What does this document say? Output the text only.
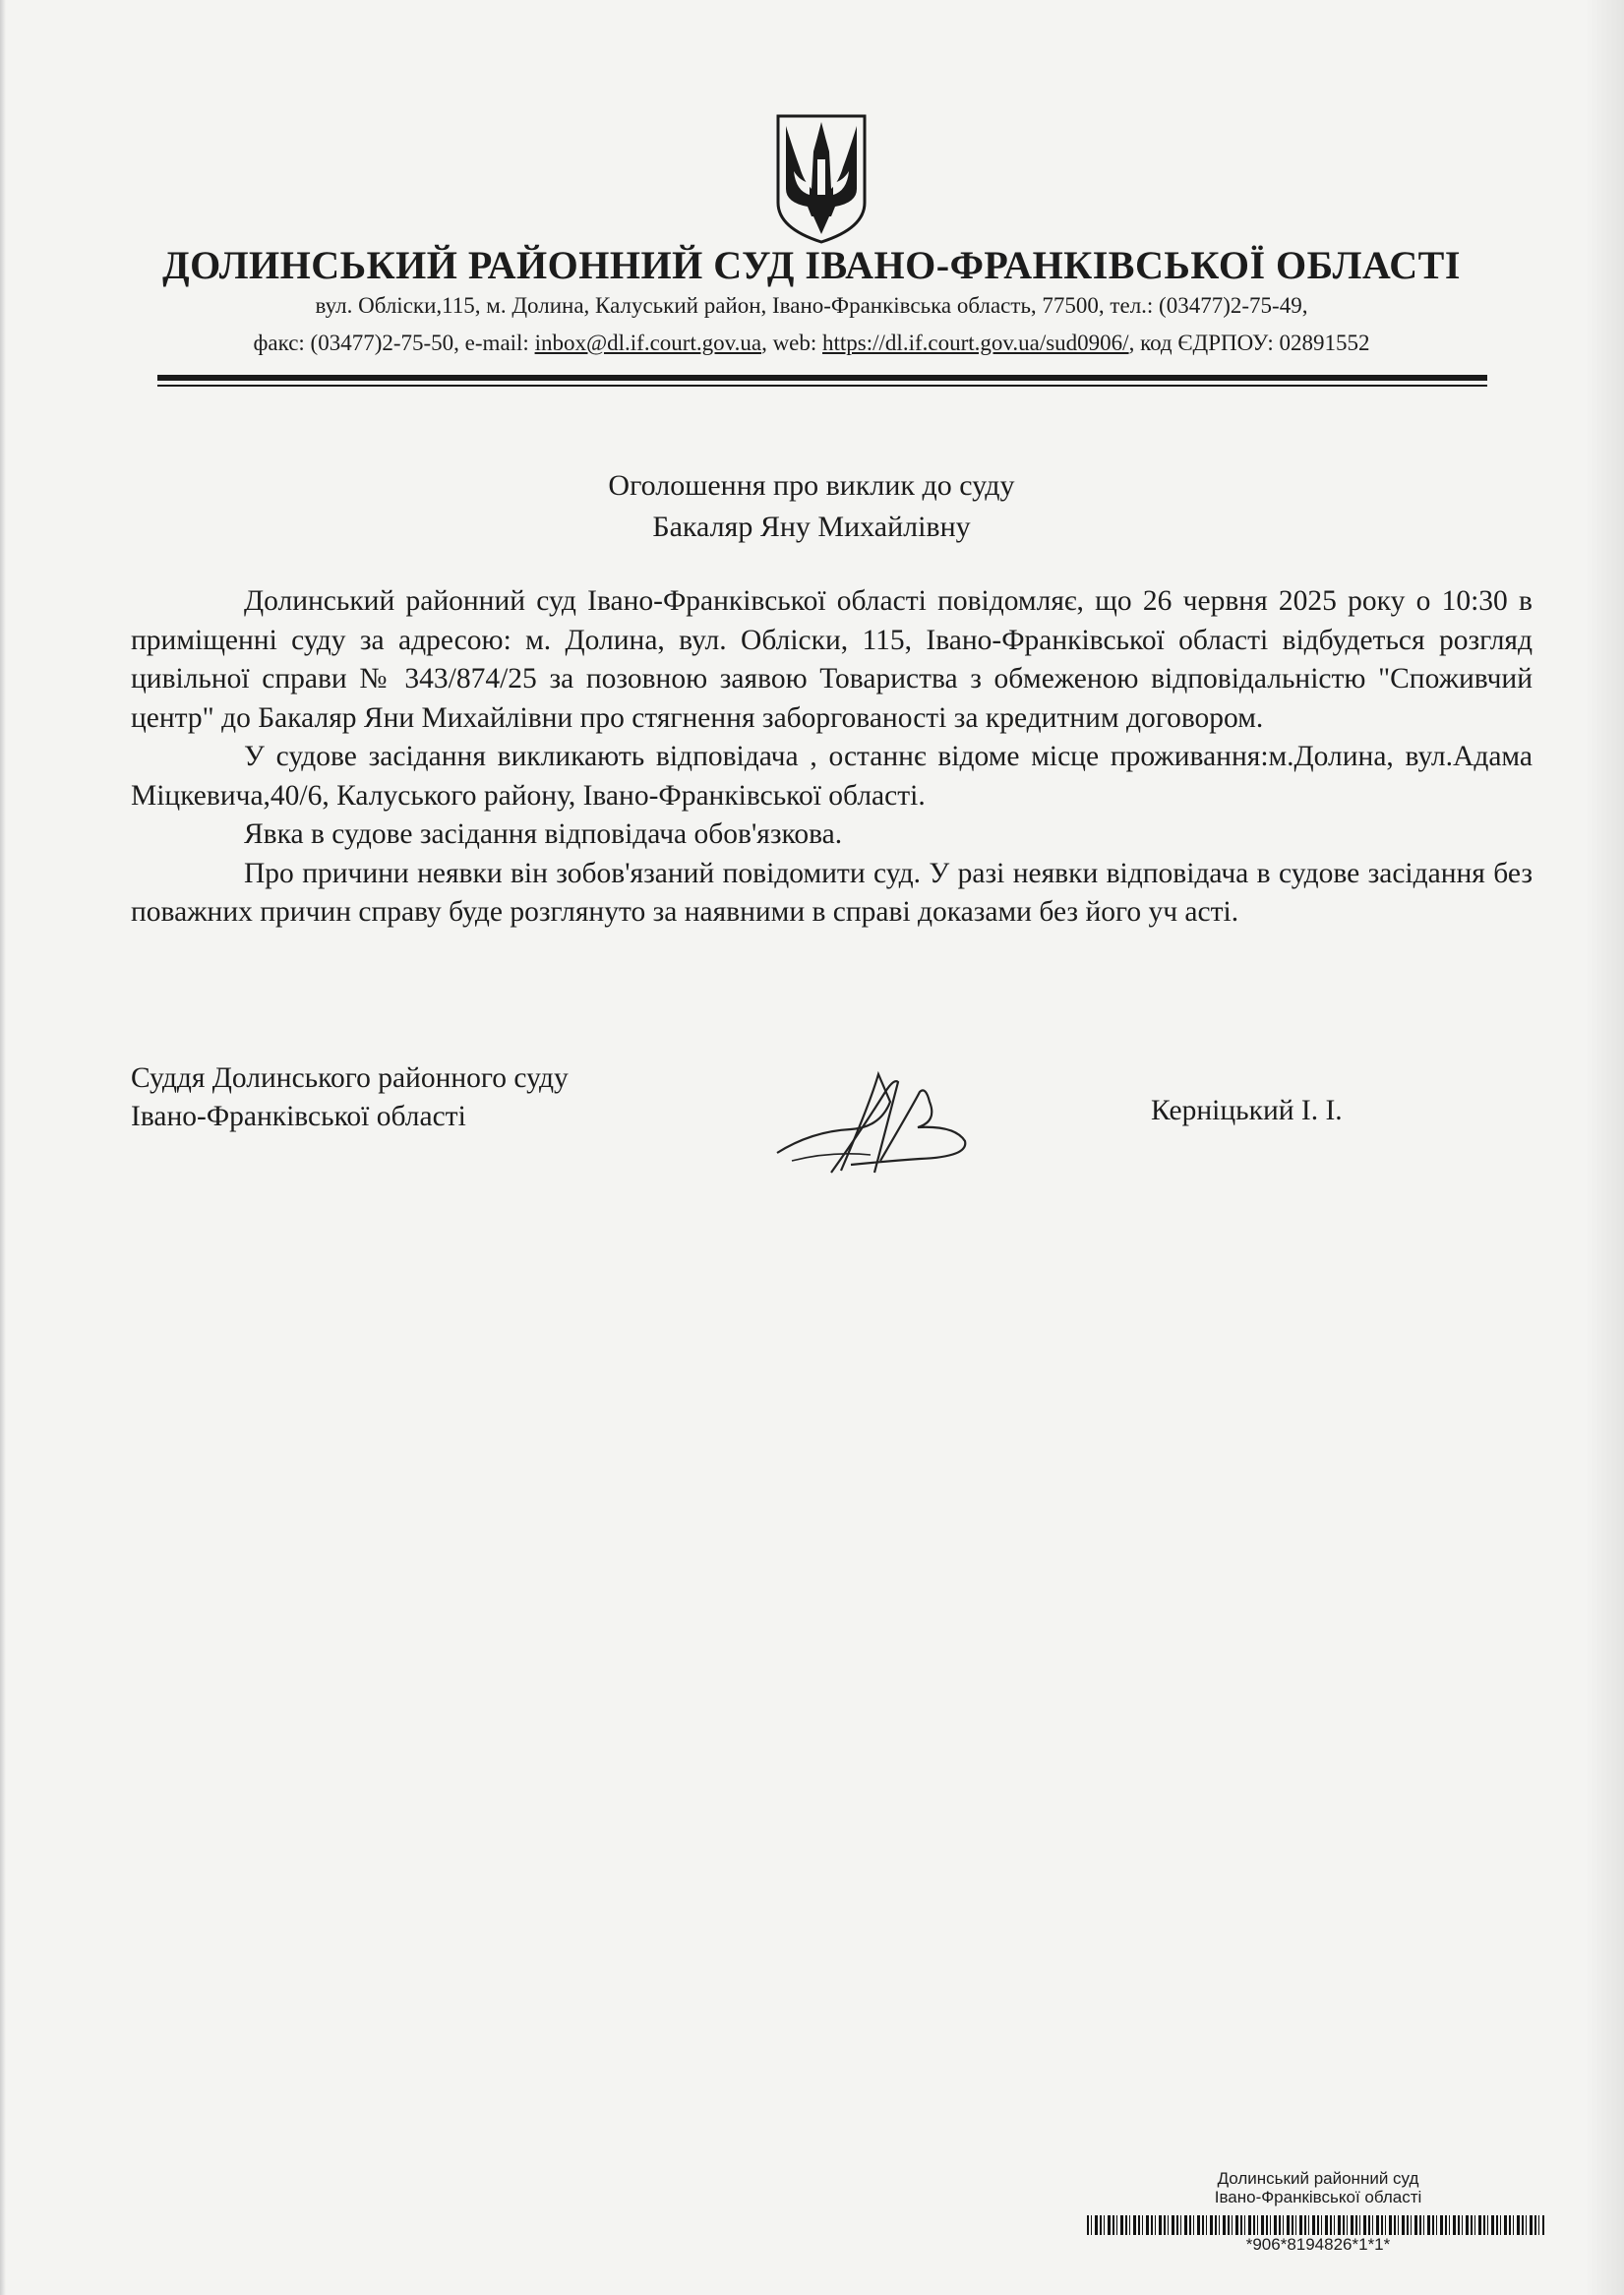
ДОЛИНСЬКИЙ РАЙОННИЙ СУД ІВАНО-ФРАНКІВСЬКОЇ ОБЛАСТІ
вул. Обліски,115, м. Долина, Калуський район, Івано-Франківська область, 77500, тел.: (03477)2-75-49,
факс: (03477)2-75-50, e-mail: inbox@dl.if.court.gov.ua, web: https://dl.if.court.gov.ua/sud0906/, код ЄДРПОУ: 02891552
Оголошення про виклик до суду
Бакаляр Яну Михайлівну

Долинський районний суд Івано-Франківської області повідомляє, що 26 червня 2025 року о 10:30 в приміщенні суду за адресою: м. Долина, вул. Обліски, 115, Івано-Франківської області відбудеться розгляд цивільної справи № 343/874/25 за позовною заявою Товариства з обмеженою відповідальністю "Споживчий центр" до Бакаляр Яни Михайлівни про стягнення заборгованості за кредитним договором.

У судове засідання викликають відповідача , останнє відоме місце проживання:м.Долина, вул.Адама Міцкевича,40/6, Калуського району, Івано-Франківської області.

Явка в судове засідання відповідача обов'язкова.

Про причини неявки він зобов'язаний повідомити суд. У разі неявки відповідача в судове засідання без поважних причин справу буде розглянуто за наявними в справі доказами без його уч асті.

Суддя Долинського районного суду
Івано-Франківської області	Керніцький І. І.
Долинський районний суд
Івано-Франківської області
*906*8194826*1*1*
